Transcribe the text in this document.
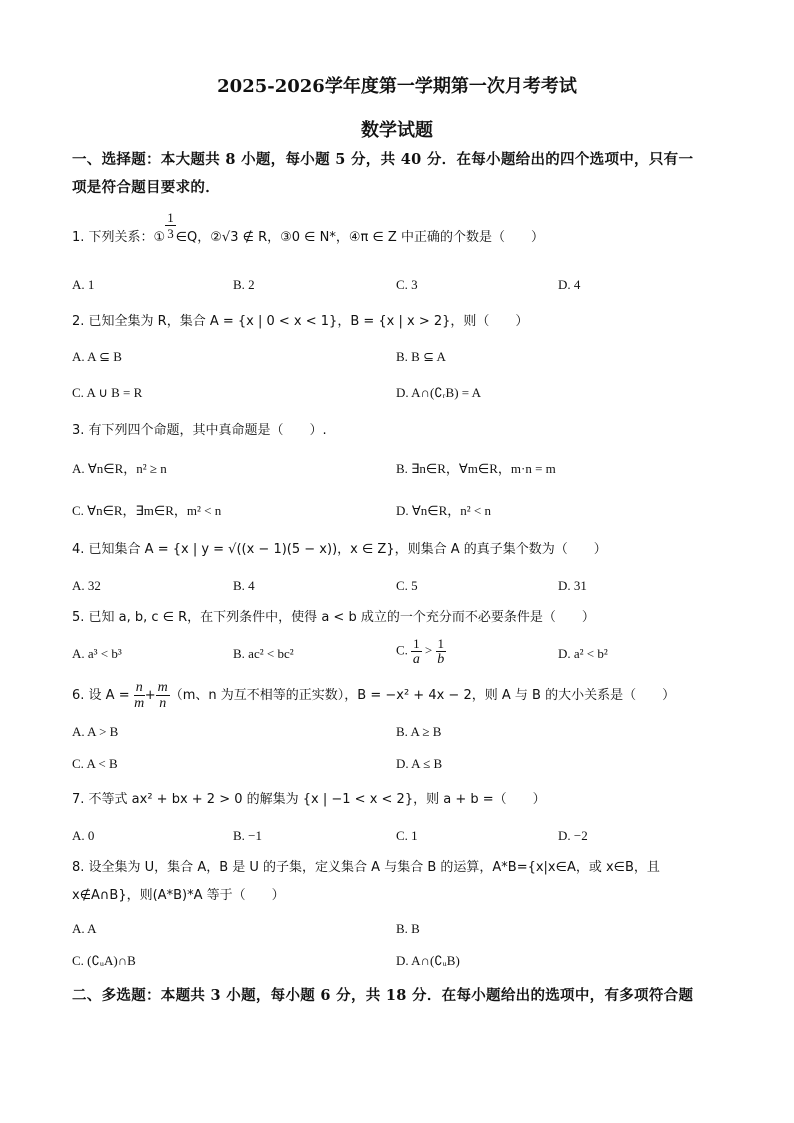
2025-2026学年度第一学期第一次月考考试
数学试题
一、选择题：本大题共 8 小题，每小题 5 分，共 40 分．在每小题给出的四个选项中，只有一
项是符合题目要求的．
1. 下列关系：① $\frac{1}{3}$ ∈Q，②√3 ∉ R，③0 ∈ N*，④π ∈ Z 中正确的个数是（　　）
A. 1	B. 2	C. 3	D. 4
2. 已知全集为 R，集合 A = {x | 0 < x < 1}，B = {x | x > 2}，则（　　）
A. A ⊆ B	B. B ⊆ A
C. A ∪ B = R	D. A∩(∁ᵣB) = A
3. 有下列四个命题，其中真命题是（　　）.
A. ∀n∈R，n² ≥ n	B. ∃n∈R，∀m∈R，m·n = m
C. ∀n∈R，∃m∈R，m² < n	D. ∀n∈R，n² < n
4. 已知集合 A = {x | y = √((x − 1)(5 − x))，x ∈ Z}，则集合 A 的真子集个数为（　　）
A. 32	B. 4	C. 5	D. 31
5. 已知 a, b, c ∈ R，在下列条件中，使得 a < b 成立的一个充分而不必要条件是（　　）
A. a³ < b³	B. ac² < bc²	C. $\frac{1}{a} > \frac{1}{b}$	D. a² < b²
6. 设 $A = \frac{n}{m} + \frac{m}{n} (m$、n 为互不相等的正实数），B = −x² + 4x − 2，则 A 与 B 的大小关系是（　　）
A. A > B	B. A ≥ B
C. A < B	D. A ≤ B
7. 不等式 ax² + bx + 2 > 0 的解集为 {x | −1 < x < 2}，则 a + b =（　　）
A. 0	B. −1	C. 1	D. −2
8. 设全集为 U，集合 A，B 是 U 的子集，定义集合 A 与集合 B 的运算，A*B={x|x∈A，或 x∈B，且
x∉A∩B}，则(A*B)*A 等于（　　）
A. A	B. B
C. (∁ᵤA)∩B	D. A∩(∁ᵤB)
二、多选题：本题共 3 小题，每小题 6 分，共 18 分．在每小题给出的选项中，有多项符合题
